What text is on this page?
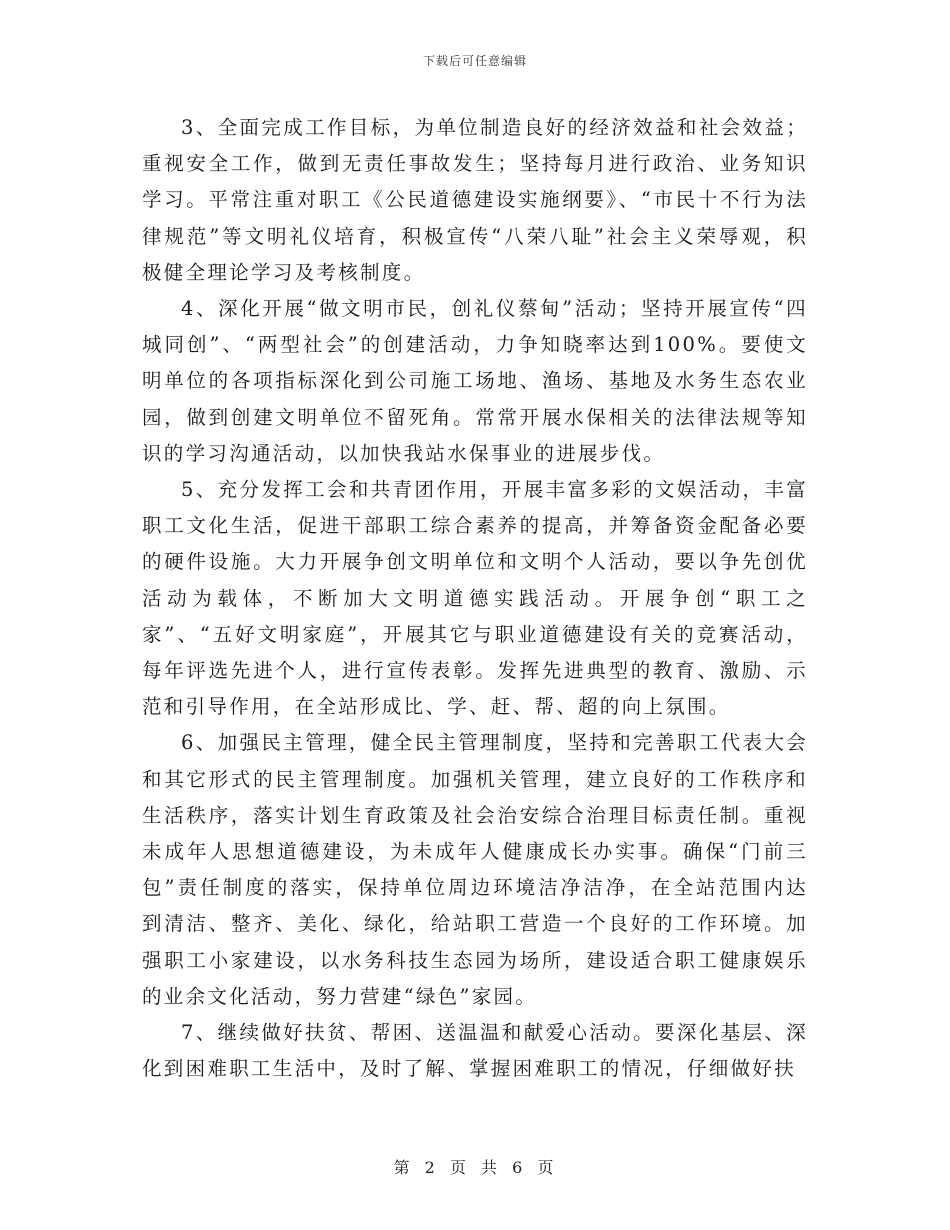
下载后可任意编辑

3、全面完成工作目标，为单位制造良好的经济效益和社会效益；重视安全工作，做到无责任事故发生；坚持每月进行政治、业务知识学习。平常注重对职工《公民道德建设实施纲要》、“市民十不行为法律规范”等文明礼仪培育，积极宣传“八荣八耻”社会主义荣辱观，积极健全理论学习及考核制度。

4、深化开展“做文明市民，创礼仪蔡甸”活动；坚持开展宣传“四城同创”、“两型社会”的创建活动，力争知晓率达到100%。要使文明单位的各项指标深化到公司施工场地、渔场、基地及水务生态农业园，做到创建文明单位不留死角。常常开展水保相关的法律法规等知识的学习沟通活动，以加快我站水保事业的进展步伐。

5、充分发挥工会和共青团作用，开展丰富多彩的文娱活动，丰富职工文化生活，促进干部职工综合素养的提高，并筹备资金配备必要的硬件设施。大力开展争创文明单位和文明个人活动，要以争先创优活动为载体，不断加大文明道德实践活动。开展争创“职工之家”、“五好文明家庭”，开展其它与职业道德建设有关的竞赛活动，每年评选先进个人，进行宣传表彰。发挥先进典型的教育、激励、示范和引导作用，在全站形成比、学、赶、帮、超的向上氛围。

6、加强民主管理，健全民主管理制度，坚持和完善职工代表大会和其它形式的民主管理制度。加强机关管理，建立良好的工作秩序和生活秩序，落实计划生育政策及社会治安综合治理目标责任制。重视未成年人思想道德建设，为未成年人健康成长办实事。确保“门前三包”责任制度的落实，保持单位周边环境洁净洁净，在全站范围内达到清洁、整齐、美化、绿化，给站职工营造一个良好的工作环境。加强职工小家建设，以水务科技生态园为场所，建设适合职工健康娱乐的业余文化活动，努力营建“绿色”家园。

7、继续做好扶贫、帮困、送温温和献爱心活动。要深化基层、深化到困难职工生活中，及时了解、掌握困难职工的情况，仔细做好扶

第 2 页 共 6 页
